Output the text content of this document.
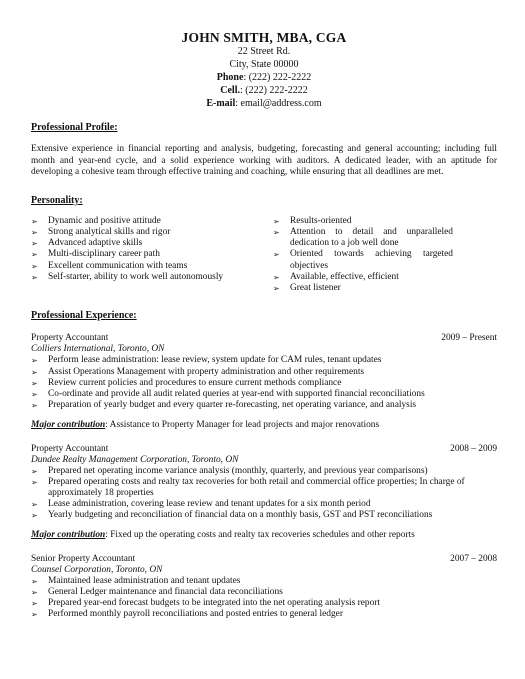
JOHN SMITH, MBA, CGA
22 Street Rd.
City, State 00000
Phone: (222) 222-2222
Cell.: (222) 222-2222
E-mail: email@address.com
Professional Profile:
Extensive experience in financial reporting and analysis, budgeting, forecasting and general accounting; including full month and year-end cycle, and a solid experience working with auditors. A dedicated leader, with an aptitude for developing a cohesive team through effective training and coaching, while ensuring that all deadlines are met.
Personality:
➢ Dynamic and positive attitude
➢ Strong analytical skills and rigor
➢ Advanced adaptive skills
➢ Multi-disciplinary career path
➢ Excellent communication with teams
➢ Self-starter, ability to work well autonomously
➢ Results-oriented
➢ Attention to detail and unparalleled dedication to a job well done
➢ Oriented towards achieving targeted objectives
➢ Available, effective, efficient
➢ Great listener
Professional Experience:
Property Accountant	2009 – Present
Colliers International, Toronto, ON
➢ Perform lease administration: lease review, system update for CAM rules, tenant updates
➢ Assist Operations Management with property administration and other requirements
➢ Review current policies and procedures to ensure current methods compliance
➢ Co-ordinate and provide all audit related queries at year-end with supported financial reconciliations
➢ Preparation of yearly budget and every quarter re-forecasting, net operating variance, and analysis
Major contribution: Assistance to Property Manager for lead projects and major renovations
Property Accountant	2008 – 2009
Dundee Realty Management Corporation, Toronto, ON
➢ Prepared net operating income variance analysis (monthly, quarterly, and previous year comparisons)
➢ Prepared operating costs and realty tax recoveries for both retail and commercial office properties; In charge of approximately 18 properties
➢ Lease administration, covering lease review and tenant updates for a six month period
➢ Yearly budgeting and reconciliation of financial data on a monthly basis, GST and PST reconciliations
Major contribution: Fixed up the operating costs and realty tax recoveries schedules and other reports
Senior Property Accountant	2007 – 2008
Counsel Corporation, Toronto, ON
➢ Maintained lease administration and tenant updates
➢ General Ledger maintenance and financial data reconciliations
➢ Prepared year-end forecast budgets to be integrated into the net operating analysis report
➢ Performed monthly payroll reconciliations and posted entries to general ledger
